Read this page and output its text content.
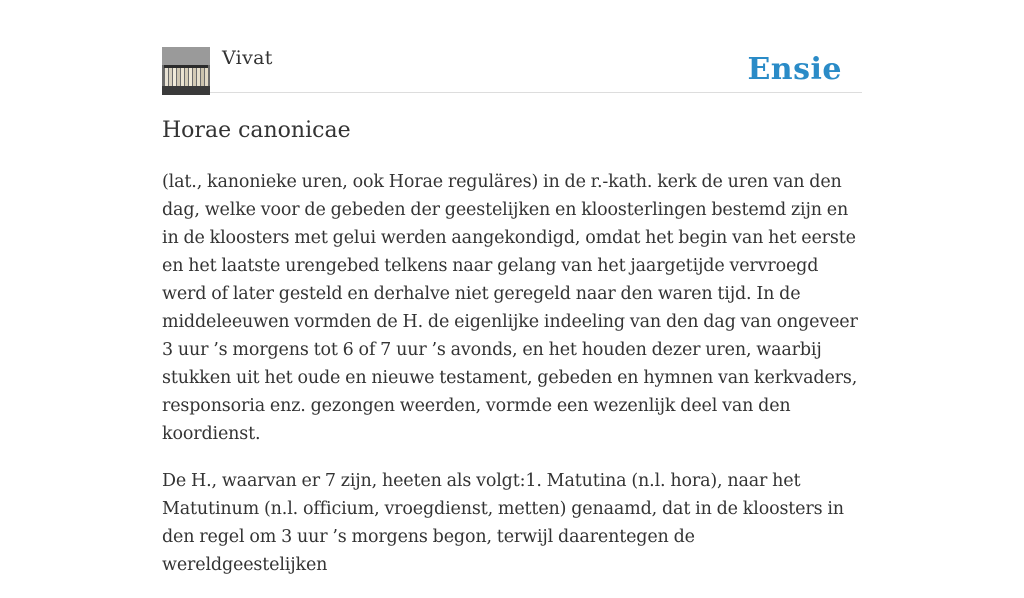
Vivat	Ensie
Horae canonicae

(lat., kanonieke uren, ook Horae reguläres) in de r.-kath. kerk de uren van den dag, welke voor de gebeden der geestelijken en kloosterlingen bestemd zijn en in de kloosters met gelui werden aangekondigd, omdat het begin van het eerste en het laatste urengebed telkens naar gelang van het jaargetijde vervroegd werd of later gesteld en derhalve niet geregeld naar den waren tijd. In de middeleeuwen vormden de H. de eigenlijke indeeling van den dag van ongeveer 3 uur ’s morgens tot 6 of 7 uur ’s avonds, en het houden dezer uren, waarbij stukken uit het oude en nieuwe testament, gebeden en hymnen van kerkvaders, responsoria enz. gezongen weerden, vormde een wezenlijk deel van den koordienst.

De H., waarvan er 7 zijn, heeten als volgt:1. Matutina (n.l. hora), naar het Matutinum (n.l. officium, vroegdienst, metten) genaamd, dat in de kloosters in den regel om 3 uur ’s morgens begon, terwijl daarentegen de wereldgeestelijken
